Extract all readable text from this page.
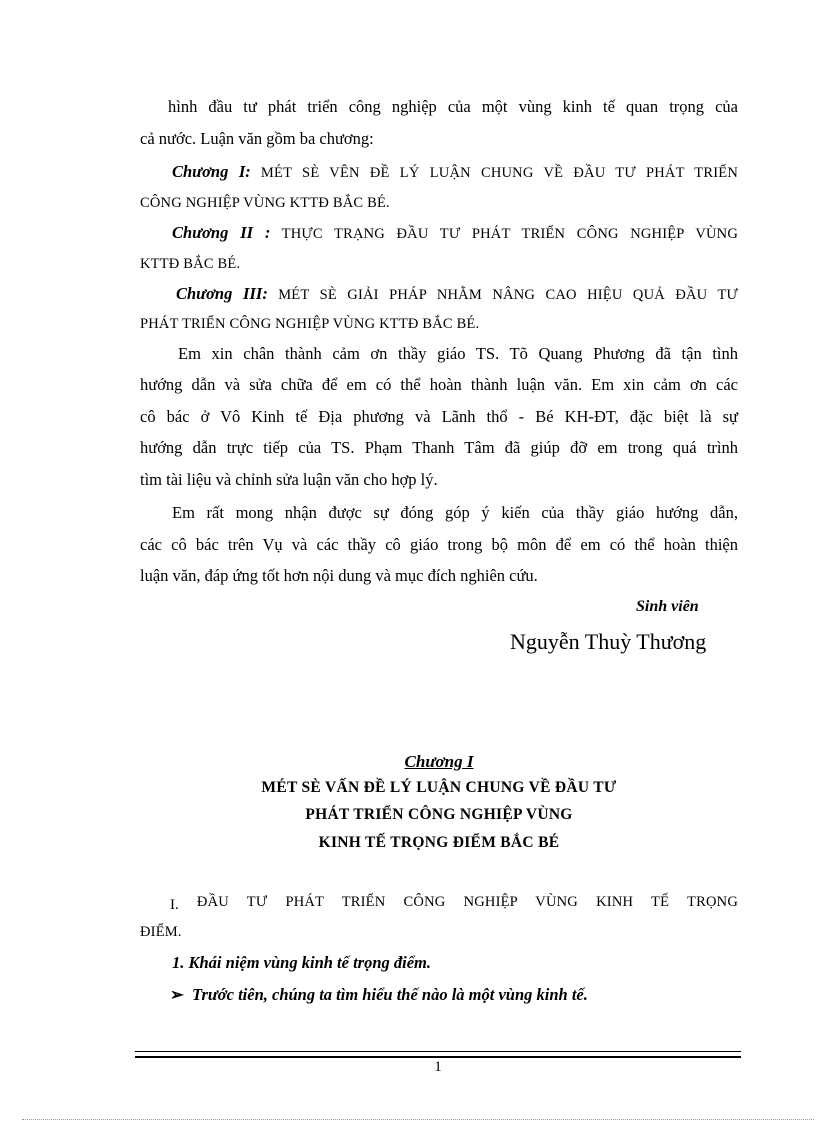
hình đầu tư phát triển công nghiệp của một vùng kinh tế quan trọng của
cả nước. Luận văn gồm ba chương:
Chương I: MÉT SÈ VÊN ĐỀ LÝ LUẬN CHUNG VỀ ĐẦU TƯ PHÁT TRIỂN
CÔNG NGHIỆP VÙNG KTTĐ BẮC BÉ.
Chương II : THỰC TRẠNG ĐẦU TƯ PHÁT TRIỂN CÔNG NGHIỆP VÙNG
KTTĐ BẮC BÉ.
Chương III: MÉT SÈ GIẢI PHÁP NHẰM NÂNG CAO HIỆU QUẢ ĐẦU TƯ
PHÁT TRIỂN CÔNG NGHIỆP VÙNG KTTĐ BẮC BÉ.
Em xin chân thành cảm ơn thầy giáo TS. Tõ Quang Phương đã tận tình
hướng dẫn và sửa chữa để em có thể hoàn thành luận văn. Em xin cảm ơn các
cô bác ở Vô Kinh tế Địa phương và Lãnh thổ - Bé KH-ĐT, đặc biệt là sự
hướng dẫn trực tiếp của TS. Phạm Thanh Tâm đã giúp đỡ em trong quá trình
tìm tài liệu và chỉnh sửa luận văn cho hợp lý.
Em rất mong nhận được sự đóng góp ý kiến của thầy giáo hướng dẫn,
các cô bác trên Vụ và các thầy cô giáo trong bộ môn để em có thể hoàn thiện
luận văn, đáp ứng tốt hơn nội dung và mục đích nghiên cứu.
Sinh viên
Nguyễn Thuỳ Thương
Chương I
MÉT SÈ VẤN ĐỀ LÝ LUẬN CHUNG VỀ ĐẦU TƯ
PHÁT TRIỂN CÔNG NGHIỆP VÙNG
KINH TẾ TRỌNG ĐIỂM BẮC BÉ
I. ĐẦU TƯ PHÁT TRIỂN CÔNG NGHIỆP VÙNG KINH TẾ TRỌNG
ĐIỂM.
1. Khái niệm vùng kinh tế trọng điểm.
➢ Trước tiên, chúng ta tìm hiểu thế nào là một vùng kinh tế.
1
